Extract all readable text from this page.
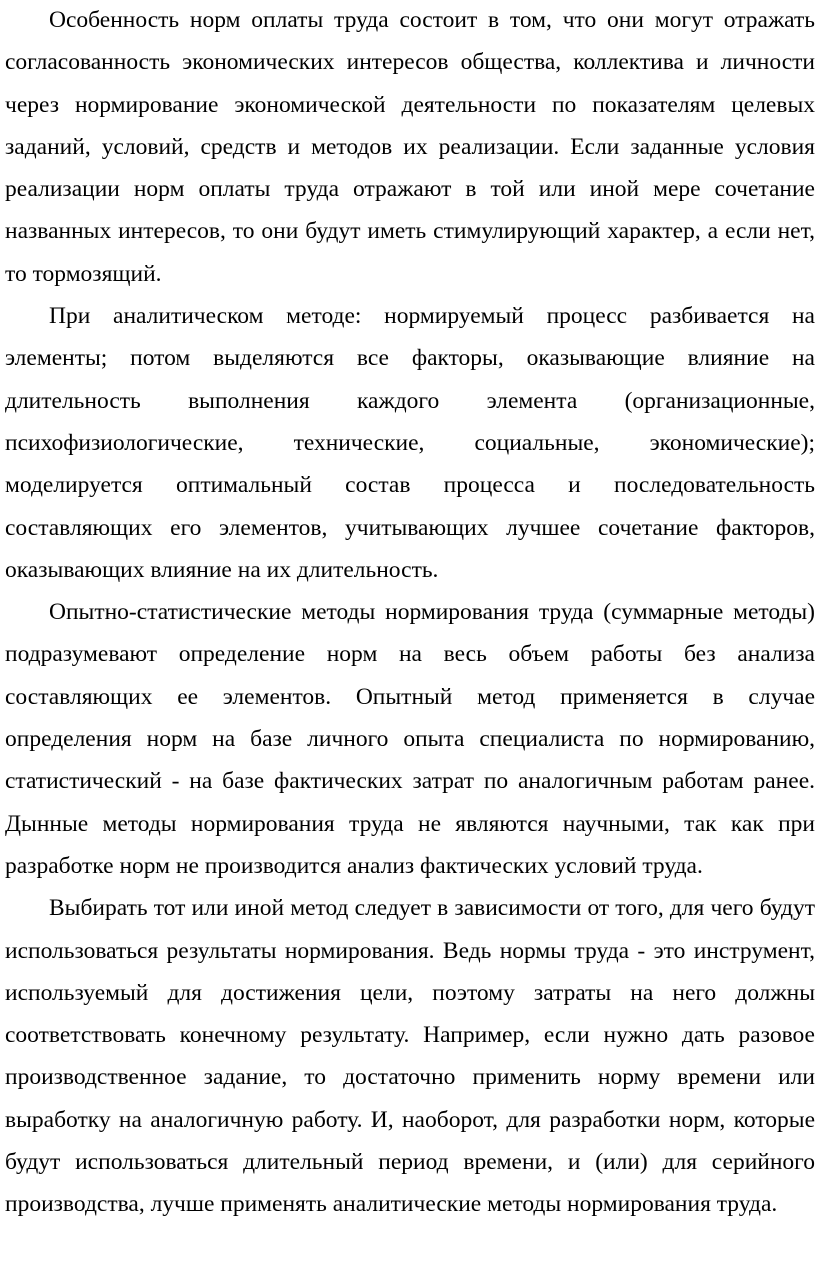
Особенность норм оплаты труда состоит в том, что они могут отражать согласованность экономических интересов общества, коллектива и личности через нормирование экономической деятельности по показателям целевых заданий, условий, средств и методов их реализации. Если заданные условия реализации норм оплаты труда отражают в той или иной мере сочетание названных интересов, то они будут иметь стимулирующий характер, а если нет, то тормозящий.

При аналитическом методе: нормируемый процесс разбивается на элементы; потом выделяются все факторы, оказывающие влияние на длительность выполнения каждого элемента (организационные, психофизиологические, технические, социальные, экономические); моделируется оптимальный состав процесса и последовательность составляющих его элементов, учитывающих лучшее сочетание факторов, оказывающих влияние на их длительность.

Опытно-статистические методы нормирования труда (суммарные методы) подразумевают определение норм на весь объем работы без анализа составляющих ее элементов. Опытный метод применяется в случае определения норм на базе личного опыта специалиста по нормированию, статистический - на базе фактических затрат по аналогичным работам ранее. Дынные методы нормирования труда не являются научными, так как при разработке норм не производится анализ фактических условий труда.

Выбирать тот или иной метод следует в зависимости от того, для чего будут использоваться результаты нормирования. Ведь нормы труда - это инструмент, используемый для достижения цели, поэтому затраты на него должны соответствовать конечному результату. Например, если нужно дать разовое производственное задание, то достаточно применить норму времени или выработку на аналогичную работу. И, наоборот, для разработки норм, которые будут использоваться длительный период времени, и (или) для серийного производства, лучше применять аналитические методы нормирования труда.
